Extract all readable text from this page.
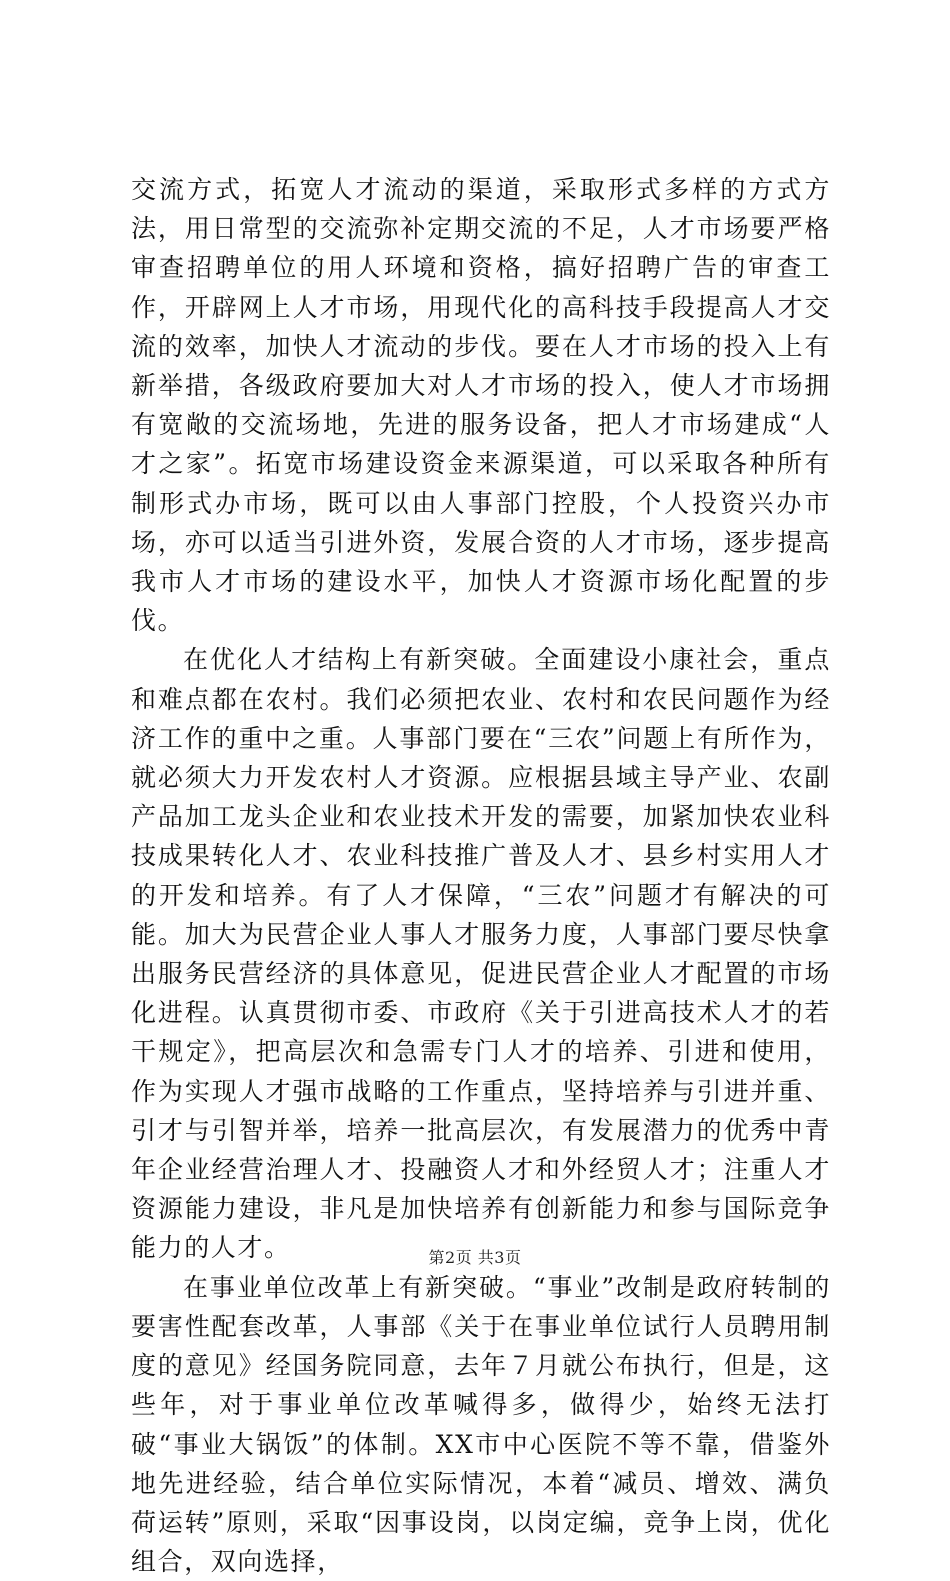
交流方式，拓宽人才流动的渠道，采取形式多样的方式方法，用日常型的交流弥补定期交流的不足，人才市场要严格审查招聘单位的用人环境和资格，搞好招聘广告的审查工作，开辟网上人才市场，用现代化的高科技手段提高人才交流的效率，加快人才流动的步伐。要在人才市场的投入上有新举措，各级政府要加大对人才市场的投入，使人才市场拥有宽敞的交流场地，先进的服务设备，把人才市场建成“人才之家”。拓宽市场建设资金来源渠道，可以采取各种所有制形式办市场，既可以由人事部门控股，个人投资兴办市场，亦可以适当引进外资，发展合资的人才市场，逐步提高我市人才市场的建设水平，加快人才资源市场化配置的步伐。

在优化人才结构上有新突破。全面建设小康社会，重点和难点都在农村。我们必须把农业、农村和农民问题作为经济工作的重中之重。人事部门要在“三农”问题上有所作为，就必须大力开发农村人才资源。应根据县域主导产业、农副产品加工龙头企业和农业技术开发的需要，加紧加快农业科技成果转化人才、农业科技推广普及人才、县乡村实用人才的开发和培养。有了人才保障，“三农”问题才有解决的可能。加大为民营企业人事人才服务力度，人事部门要尽快拿出服务民营经济的具体意见，促进民营企业人才配置的市场化进程。认真贯彻市委、市政府《关于引进高技术人才的若干规定》，把高层次和急需专门人才的培养、引进和使用，作为实现人才强市战略的工作重点，坚持培养与引进并重、引才与引智并举，培养一批高层次，有发展潜力的优秀中青年企业经营治理人才、投融资人才和外经贸人才；注重人才资源能力建设，非凡是加快培养有创新能力和参与国际竞争能力的人才。

在事业单位改革上有新突破。“事业”改制是政府转制的要害性配套改革，人事部《关于在事业单位试行人员聘用制度的意见》经国务院同意，去年７月就公布执行，但是，这些年，对于事业单位改革喊得多，做得少，始终无法打破“事业大锅饭”的体制。XX市中心医院不等不靠，借鉴外地先进经验，结合单位实际情况，本着“减员、增效、满负荷运转”原则，采取“因事设岗，以岗定编，竞争上岗，优化组合，双向选择，

第2页 共3页
